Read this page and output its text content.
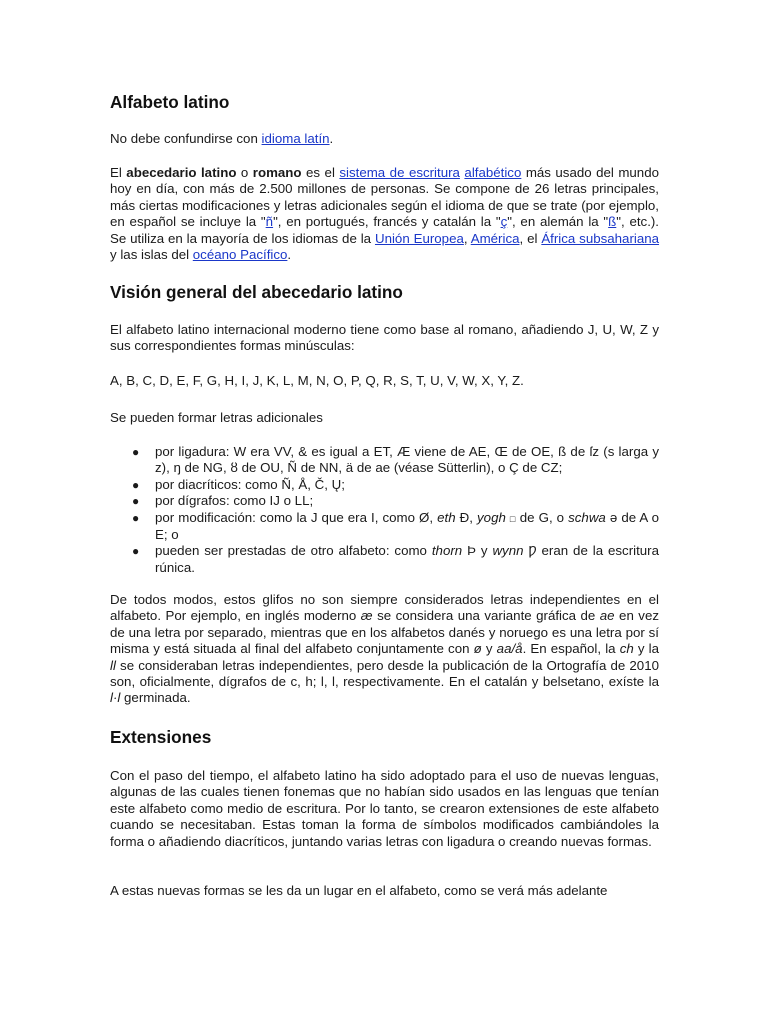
Alfabeto latino

No debe confundirse con idioma latín.

El abecedario latino o romano es el sistema de escritura alfabético más usado del mundo hoy en día, con más de 2.500 millones de personas. Se compone de 26 letras principales, más ciertas modificaciones y letras adicionales según el idioma de que se trate (por ejemplo, en español se incluye la "ñ", en portugués, francés y catalán la "ç", en alemán la "ß", etc.). Se utiliza en la mayoría de los idiomas de la Unión Europea, América, el África subsahariana y las islas del océano Pacífico.

Visión general del abecedario latino

El alfabeto latino internacional moderno tiene como base al romano, añadiendo J, U, W, Z y sus correspondientes formas minúsculas:

A, B, C, D, E, F, G, H, I, J, K, L, M, N, O, P, Q, R, S, T, U, V, W, X, Y, Z.

Se pueden formar letras adicionales

● por ligadura: W era VV, & es igual a ET, Æ viene de AE, Œ de OE, ß de ſz (s larga y z), ŋ de NG, ȣ de OU, Ñ de NN, ä de ae (véase Sütterlin), o Ç de CZ;
● por diacríticos: como Ñ, Å, Č, Ų;
● por dígrafos: como IJ o LL;
● por modificación: como la J que era I, como Ø, eth Đ, yogh □ de G, o schwa ə de A o E; o
● pueden ser prestadas de otro alfabeto: como thorn Þ y wynn Ƿ eran de la escritura rúnica.

De todos modos, estos glifos no son siempre considerados letras independientes en el alfabeto. Por ejemplo, en inglés moderno æ se considera una variante gráfica de ae en vez de una letra por separado, mientras que en los alfabetos danés y noruego es una letra por sí misma y está situada al final del alfabeto conjuntamente con ø y aa/å. En español, la ch y la ll se consideraban letras independientes, pero desde la publicación de la Ortografía de 2010 son, oficialmente, dígrafos de c, h; l, l, respectivamente. En el catalán y belsetano, exíste la l·l germinada.

Extensiones

Con el paso del tiempo, el alfabeto latino ha sido adoptado para el uso de nuevas lenguas, algunas de las cuales tienen fonemas que no habían sido usados en las lenguas que tenían este alfabeto como medio de escritura. Por lo tanto, se crearon extensiones de este alfabeto cuando se necesitaban. Estas toman la forma de símbolos modificados cambiándoles la forma o añadiendo diacríticos, juntando varias letras con ligadura o creando nuevas formas.

A estas nuevas formas se les da un lugar en el alfabeto, como se verá más adelante
